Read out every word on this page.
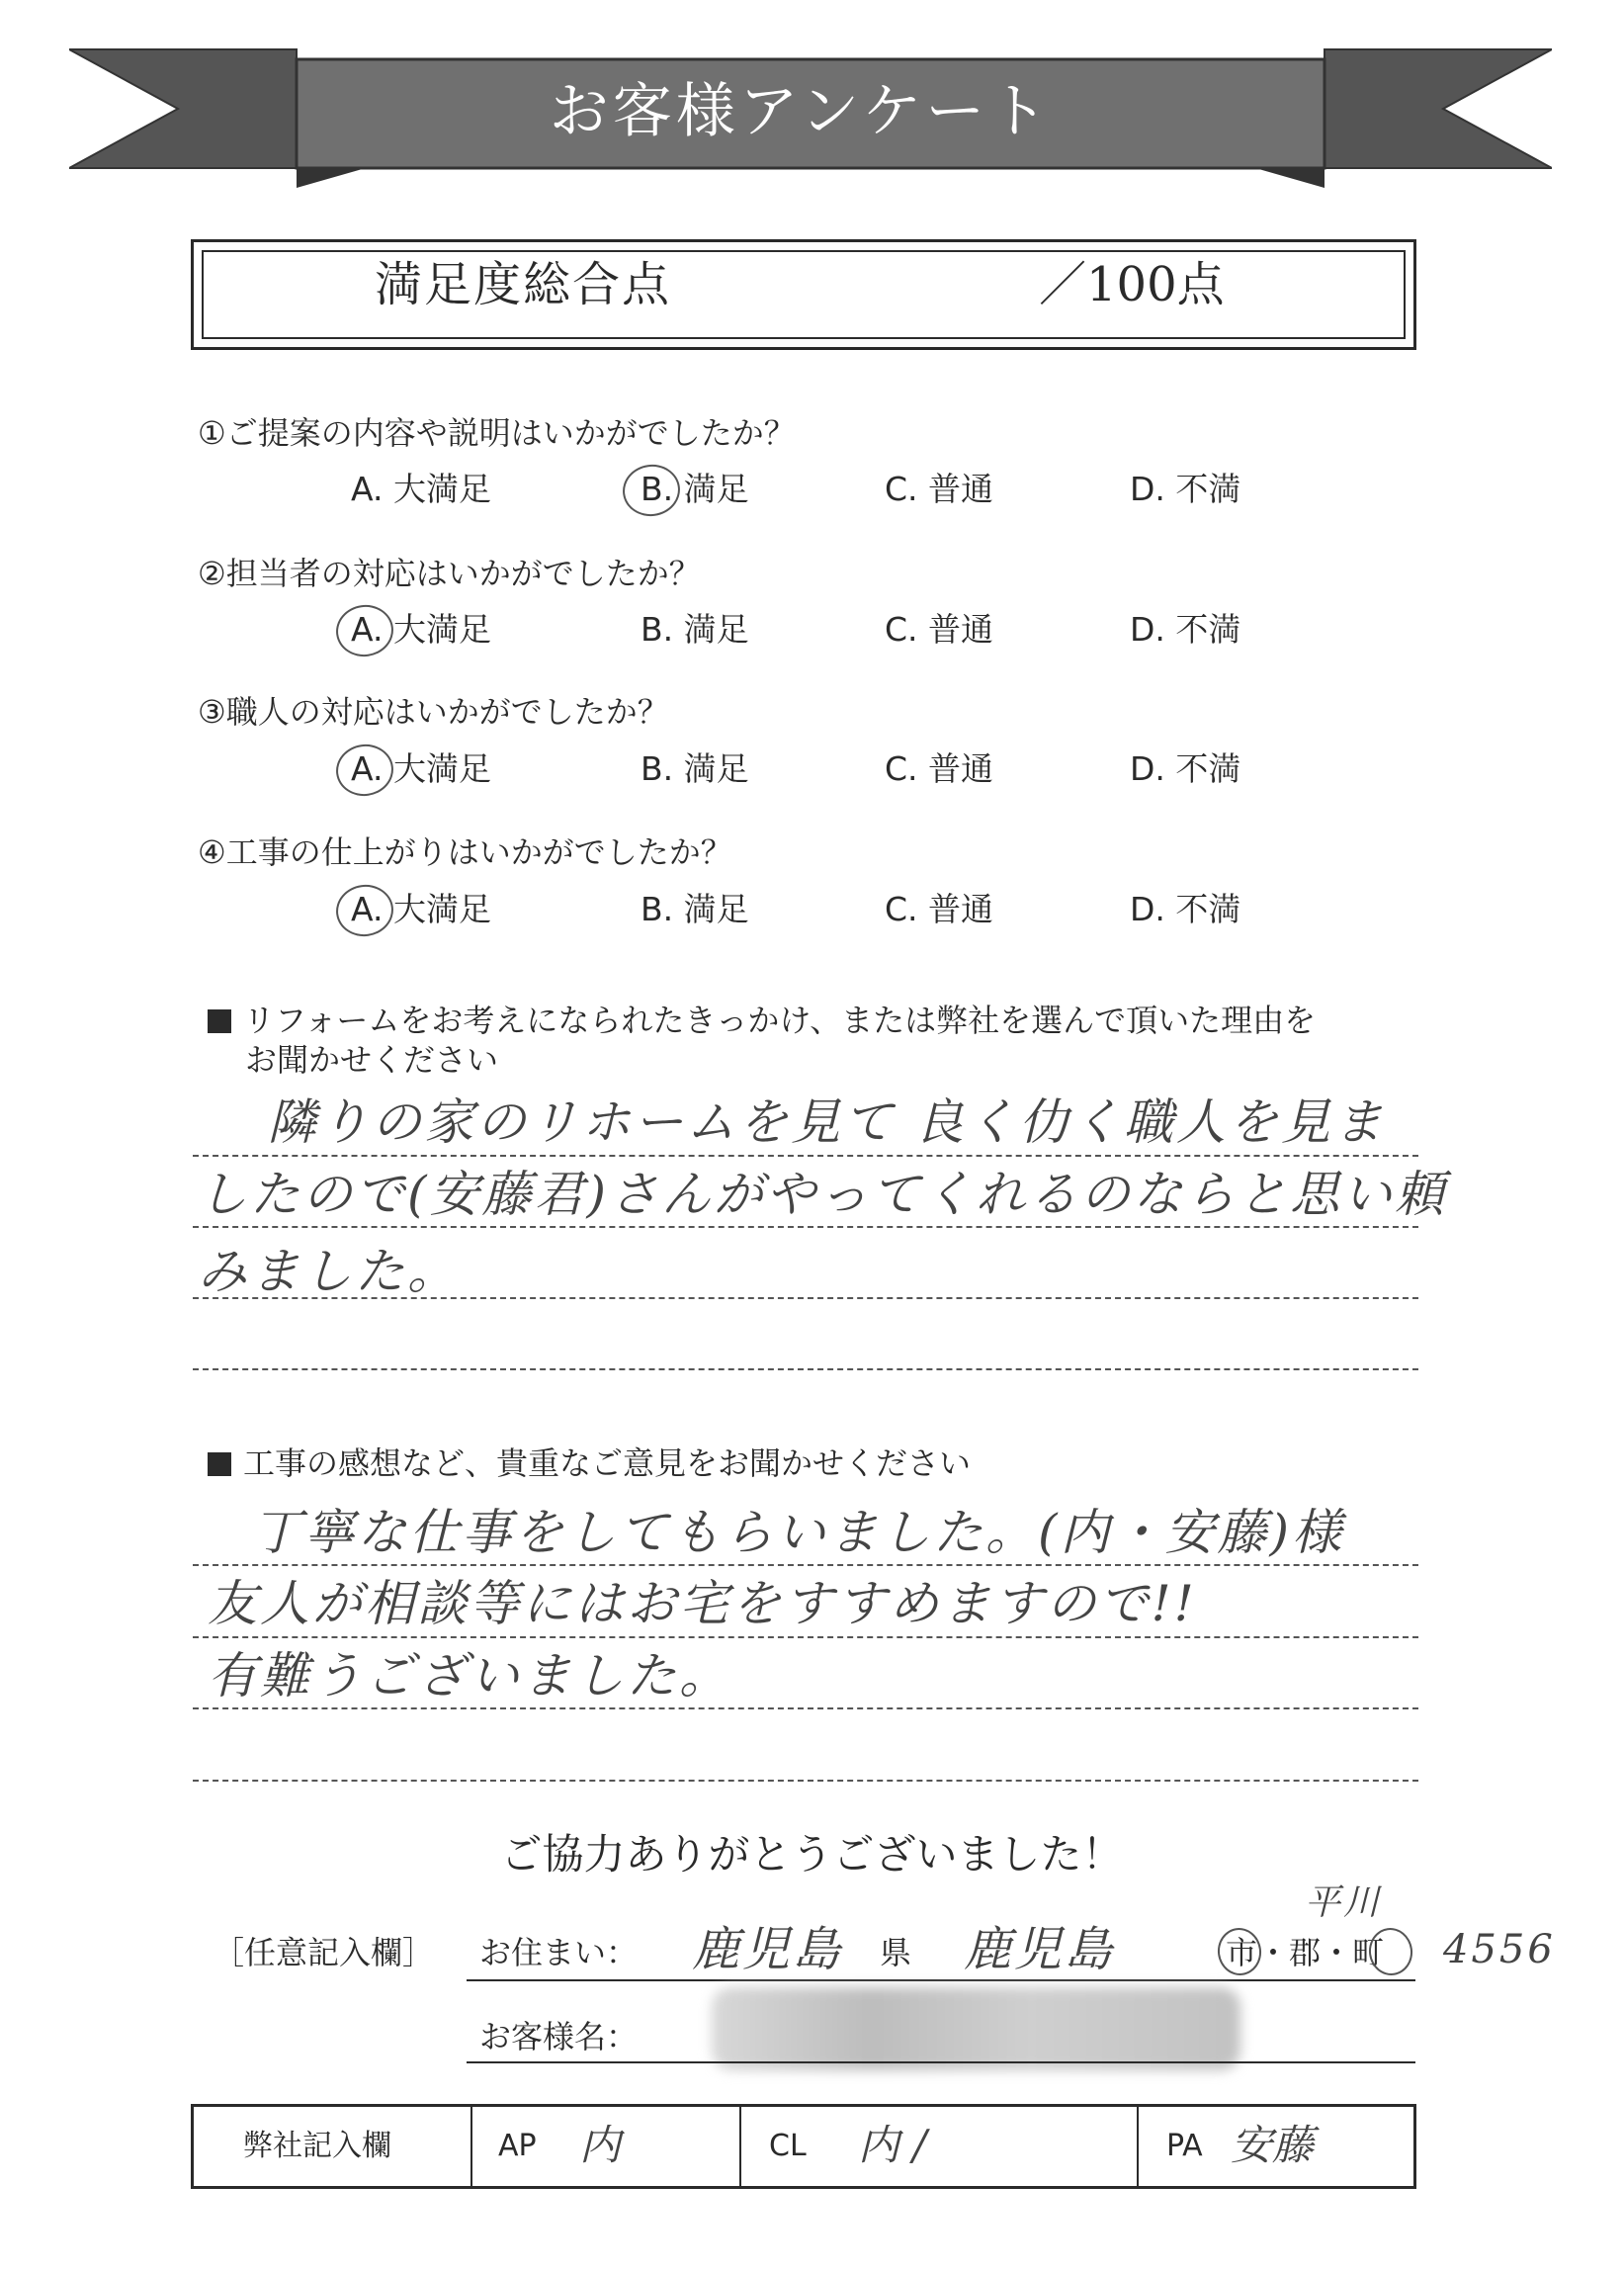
お客様アンケート
満足度総合点	／100点
①ご提案の内容や説明はいかがでしたか？
A. 大満足	B. 満足	C. 普通	D. 不満
②担当者の対応はいかがでしたか？
A. 大満足	B. 満足	C. 普通	D. 不満
③職人の対応はいかがでしたか？
A. 大満足	B. 満足	C. 普通	D. 不満
④工事の仕上がりはいかがでしたか？
A. 大満足	B. 満足	C. 普通	D. 不満
リフォームをお考えになられたきっかけ、または弊社を選んで頂いた理由を
お聞かせください
隣りの家のリホームを見て 良く仂く職人を見ま
したので(安藤君)さんがやってくれるのならと思い頼
みました。
工事の感想など、貴重なご意見をお聞かせください
丁寧な仕事をしてもらいました。(内・安藤)様
友人が相談等にはお宅をすすめますので!!
有難うございました。
ご協力ありがとうございました！
［任意記入欄］ お住まい： 鹿児島 県 鹿児島	市・郡・町
平川
4556
お客様名：
弊社記入欄	AP 内	CL 内 /	PA 安藤
